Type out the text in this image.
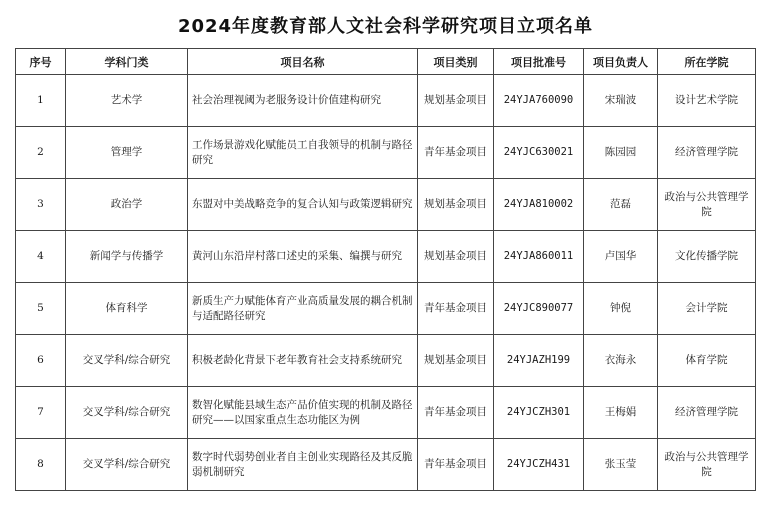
2024年度教育部人文社会科学研究项目立项名单
序号	学科门类	项目名称	项目类别	项目批准号	项目负责人	所在学院
1	艺术学	社会治理视阈为老服务设计价值建构研究	规划基金项目	24YJA760090	宋瑞波	设计艺术学院
2	管理学	工作场景游戏化赋能员工自我领导的机制与路径研究	青年基金项目	24YJC630021	陈园园	经济管理学院
3	政治学	东盟对中美战略竞争的复合认知与政策逻辑研究	规划基金项目	24YJA810002	范磊	政治与公共管理学院
4	新闻学与传播学	黄河山东沿岸村落口述史的采集、编撰与研究	规划基金项目	24YJA860011	卢国华	文化传播学院
5	体育科学	新质生产力赋能体育产业高质量发展的耦合机制与适配路径研究	青年基金项目	24YJC890077	钟倪	会计学院
6	交叉学科/综合研究	积极老龄化背景下老年教育社会支持系统研究	规划基金项目	24YJAZH199	衣海永	体育学院
7	交叉学科/综合研究	数智化赋能县域生态产品价值实现的机制及路径研究——以国家重点生态功能区为例	青年基金项目	24YJCZH301	王梅娟	经济管理学院
8	交叉学科/综合研究	数字时代弱势创业者自主创业实现路径及其反脆弱机制研究	青年基金项目	24YJCZH431	张玉莹	政治与公共管理学院
